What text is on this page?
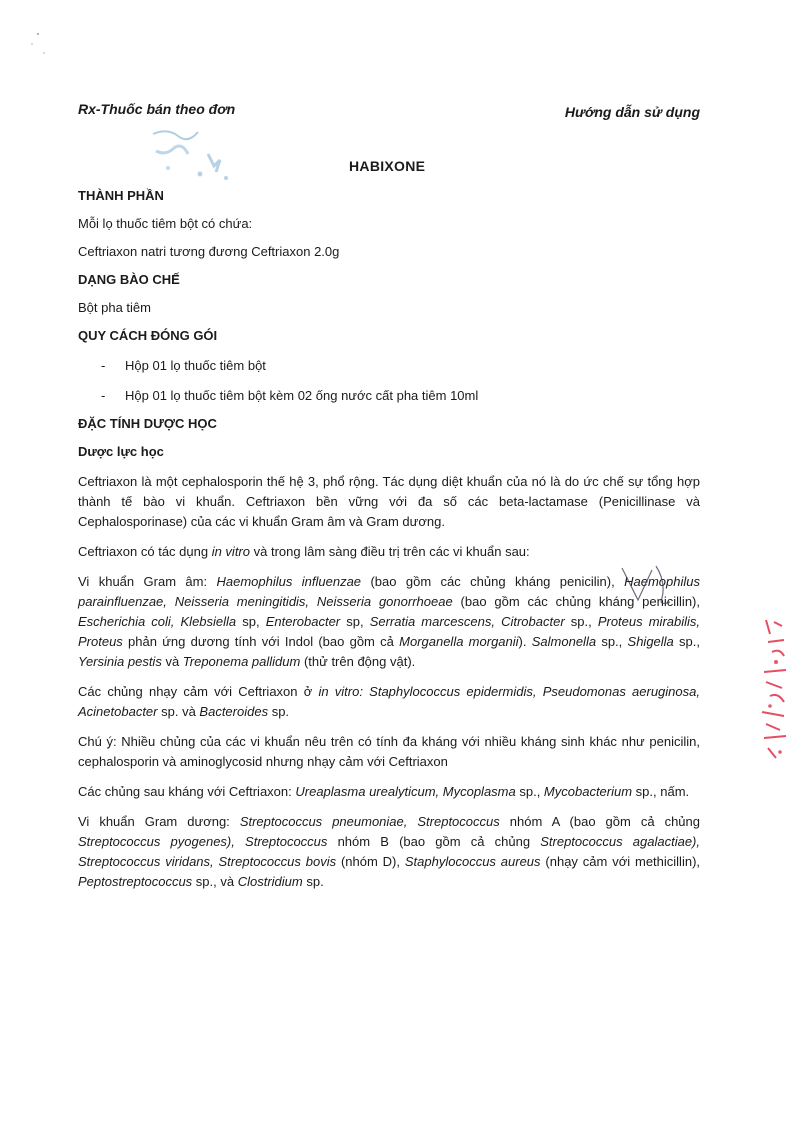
Rx-Thuốc bán theo đơn	Hướng dẫn sử dụng
HABIXONE
THÀNH PHẦN

Mỗi lọ thuốc tiêm bột có chứa:

Ceftriaxon natri tương đương Ceftriaxon 2.0g

DẠNG BÀO CHẾ

Bột pha tiêm

QUY CÁCH ĐÓNG GÓI
- Hộp 01 lọ thuốc tiêm bột
- Hộp 01 lọ thuốc tiêm bột kèm 02 ống nước cất pha tiêm 10ml
ĐẶC TÍNH DƯỢC HỌC
Dược lực học

Ceftriaxon là một cephalosporin thế hệ 3, phổ rộng. Tác dụng diệt khuẩn của nó là do ức chế sự tổng hợp thành tế bào vi khuẩn. Ceftriaxon bền vững với đa số các beta-lactamase (Penicillinase và Cephalosporinase) của các vi khuẩn Gram âm và Gram dương.

Ceftriaxon có tác dụng in vitro và trong lâm sàng điều trị trên các vi khuẩn sau:

Vi khuẩn Gram âm: Haemophilus influenzae (bao gồm các chủng kháng penicilin), Haemophilus parainfluenzae, Neisseria meningitidis, Neisseria gonorrhoeae (bao gồm các chủng kháng penicillin), Escherichia coli, Klebsiella sp, Enterobacter sp, Serratia marcescens, Citrobacter sp., Proteus mirabilis, Proteus phản ứng dương tính với Indol (bao gồm cả Morganella morganii). Salmonella sp., Shigella sp., Yersinia pestis và Treponema pallidum (thử trên động vật).

Các chủng nhạy cảm với Ceftriaxon ở in vitro: Staphylococcus epidermidis, Pseudomonas aeruginosa, Acinetobacter sp. và Bacteroides sp.

Chú ý: Nhiều chủng của các vi khuẩn nêu trên có tính đa kháng với nhiều kháng sinh khác như penicilin, cephalosporin và aminoglycosid nhưng nhạy cảm với Ceftriaxon

Các chủng sau kháng với Ceftriaxon: Ureaplasma urealyticum, Mycoplasma sp., Mycobacterium sp., nấm.

Vi khuẩn Gram dương: Streptococcus pneumoniae, Streptococcus nhóm A (bao gồm cả chủng Streptococcus pyogenes), Streptococcus nhóm B (bao gồm cả chủng Streptococcus agalactiae), Streptococcus viridans, Streptococcus bovis (nhóm D), Staphylococcus aureus (nhạy cảm với methicillin), Peptostreptococcus sp., và Clostridium sp.
